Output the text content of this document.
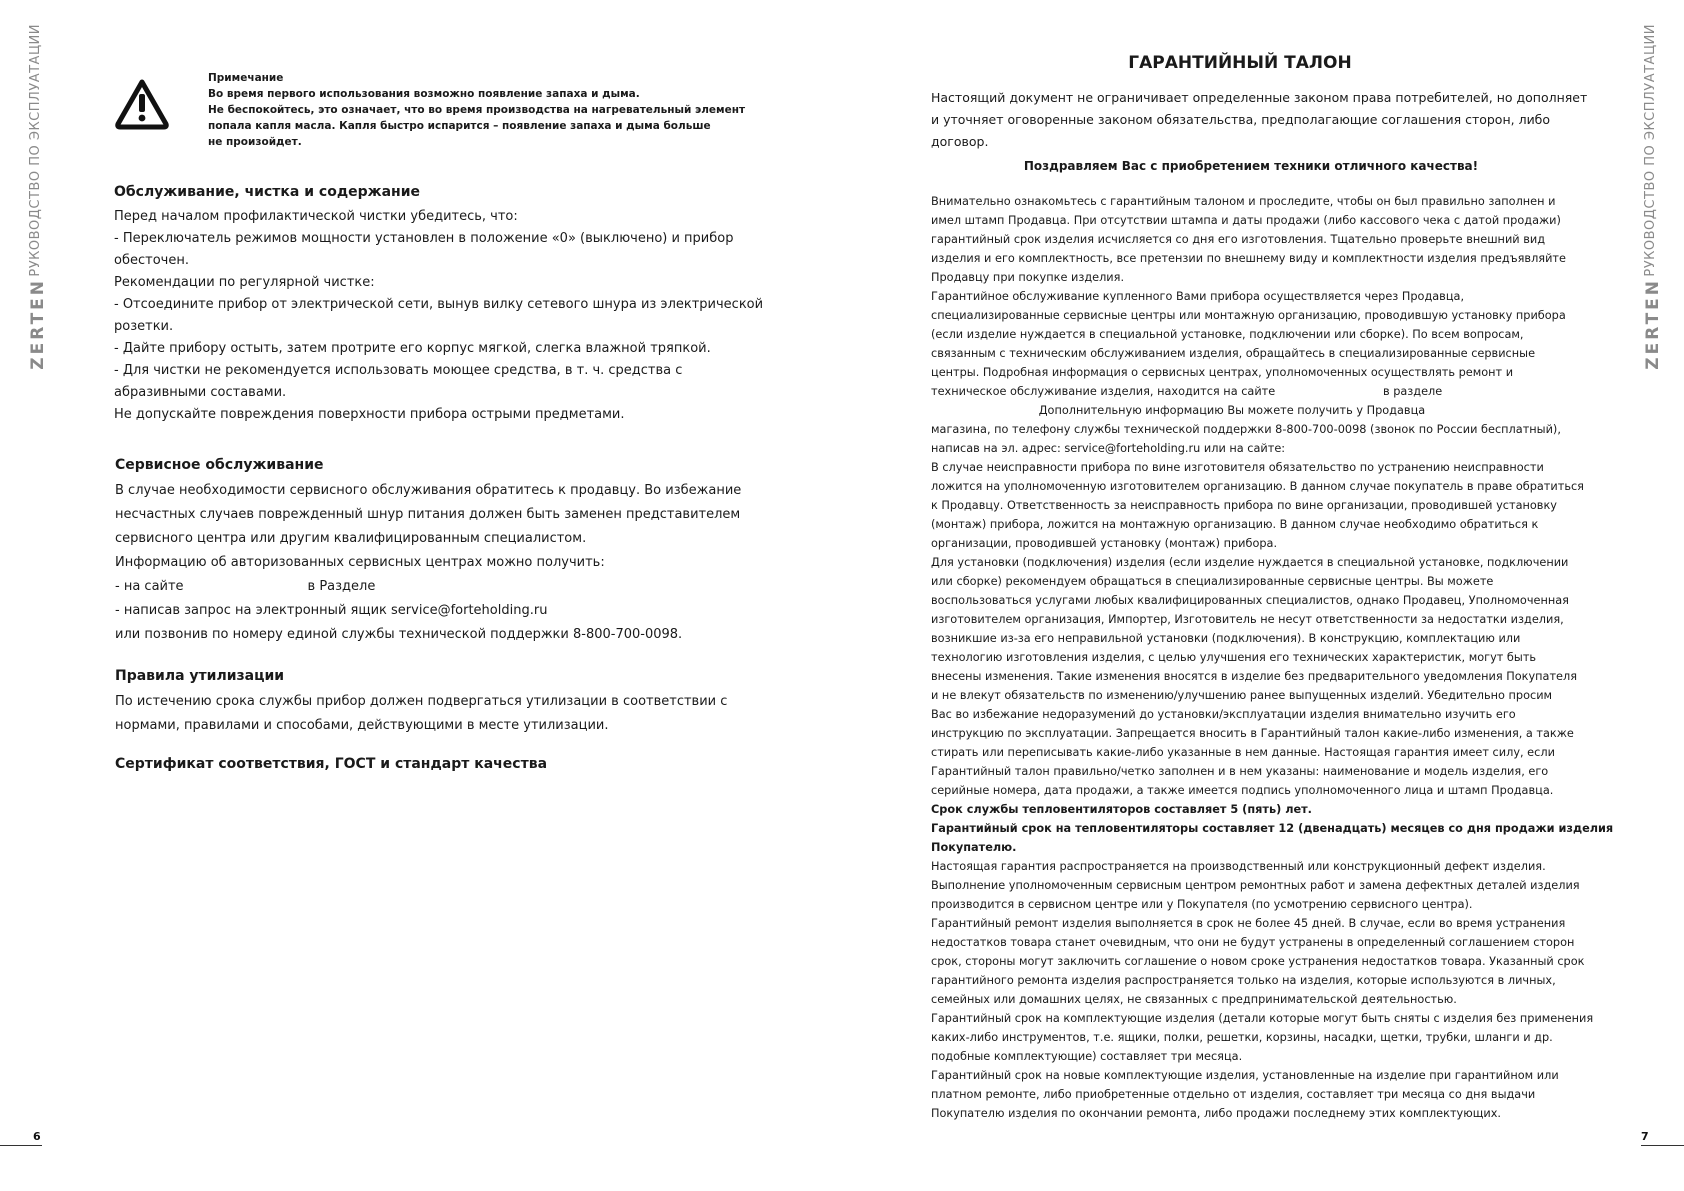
РУКОВОДСТВО ПО ЭКСПЛУАТАЦИИ
ZERTEN
Примечание
Во время первого использования возможно появление запаха и дыма.
Не беспокойтесь, это означает, что во время производства на нагревательный элемент
попала капля масла. Капля быстро испарится – появление запаха и дыма больше
не произойдет.
Обслуживание, чистка и содержание
Перед началом профилактической чистки убедитесь, что:
- Переключатель режимов мощности установлен в положение «0» (выключено) и прибор
обесточен.
Рекомендации по регулярной чистке:
- Отсоедините прибор от электрической сети, вынув вилку сетевого шнура из электрической
розетки.
- Дайте прибору остыть, затем протрите его корпус мягкой, слегка влажной тряпкой.
- Для чистки не рекомендуется использовать моющее средства, в т. ч. средства с
абразивными составами.
Не допускайте повреждения поверхности прибора острыми предметами.
Сервисное обслуживание
В случае необходимости сервисного обслуживания обратитесь к продавцу. Во избежание
несчастных случаев поврежденный шнур питания должен быть заменен представителем
сервисного центра или другим квалифицированным специалистом.
Информацию об авторизованных сервисных центрах можно получить:
- на сайте                              в Разделе
- написав запрос на электронный ящик service@forteholding.ru
или позвонив по номеру единой службы технической поддержки 8-800-700-0098.
Правила утилизации
По истечению срока службы прибор должен подвергаться утилизации в соответствии с
нормами, правилами и способами, действующими в месте утилизации.
Сертификат соответствия, ГОСТ и стандарт качества
6
ГАРАНТИЙНЫЙ ТАЛОН
Настоящий документ не ограничивает определенные законом права потребителей, но дополняет
и уточняет оговоренные законом обязательства, предполагающие соглашения сторон, либо
договор.
Поздравляем Вас с приобретением техники отличного качества!
Внимательно ознакомьтесь с гарантийным талоном и проследите, чтобы он был правильно заполнен и
имел штамп Продавца. При отсутствии штампа и даты продажи (либо кассового чека с датой продажи)
гарантийный срок изделия исчисляется со дня его изготовления. Тщательно проверьте внешний вид
изделия и его комплектность, все претензии по внешнему виду и комплектности изделия предъявляйте
Продавцу при покупке изделия.
Гарантийное обслуживание купленного Вами прибора осуществляется через Продавца,
специализированные сервисные центры или монтажную организацию, проводившую установку прибора
(если изделие нуждается в специальной установке, подключении или сборке). По всем вопросам,
связанным с техническим обслуживанием изделия, обращайтесь в специализированные сервисные
центры. Подробная информация о сервисных центрах, уполномоченных осуществлять ремонт и
техническое обслуживание изделия, находится на сайте                              в разделе
Дополнительную информацию Вы можете получить у Продавца
магазина, по телефону службы технической поддержки 8-800-700-0098 (звонок по России бесплатный),
написав на эл. адрес: service@forteholding.ru или на сайте:
В случае неисправности прибора по вине изготовителя обязательство по устранению неисправности
ложится на уполномоченную изготовителем организацию. В данном случае покупатель в праве обратиться
к Продавцу. Ответственность за неисправность прибора по вине организации, проводившей установку
(монтаж) прибора, ложится на монтажную организацию. В данном случае необходимо обратиться к
организации, проводившей установку (монтаж) прибора.
Для установки (подключения) изделия (если изделие нуждается в специальной установке, подключении
или сборке) рекомендуем обращаться в специализированные сервисные центры. Вы можете
воспользоваться услугами любых квалифицированных специалистов, однако Продавец, Уполномоченная
изготовителем организация, Импортер, Изготовитель не несут ответственности за недостатки изделия,
возникшие из-за его неправильной установки (подключения). В конструкцию, комплектацию или
технологию изготовления изделия, с целью улучшения его технических характеристик, могут быть
внесены изменения. Такие изменения вносятся в изделие без предварительного уведомления Покупателя
и не влекут обязательств по изменению/улучшению ранее выпущенных изделий. Убедительно просим
Вас во избежание недоразумений до установки/эксплуатации изделия внимательно изучить его
инструкцию по эксплуатации. Запрещается вносить в Гарантийный талон какие-либо изменения, а также
стирать или переписывать какие-либо указанные в нем данные. Настоящая гарантия имеет силу, если
Гарантийный талон правильно/четко заполнен и в нем указаны: наименование и модель изделия, его
серийные номера, дата продажи, а также имеется подпись уполномоченного лица и штамп Продавца.
Срок службы тепловентиляторов составляет 5 (пять) лет.
Гарантийный срок на тепловентиляторы составляет 12 (двенадцать) месяцев со дня продажи изделия
Покупателю.
Настоящая гарантия распространяется на производственный или конструкционный дефект изделия.
Выполнение уполномоченным сервисным центром ремонтных работ и замена дефектных деталей изделия
производится в сервисном центре или у Покупателя (по усмотрению сервисного центра).
Гарантийный ремонт изделия выполняется в срок не более 45 дней. В случае, если во время устранения
недостатков товара станет очевидным, что они не будут устранены в определенный соглашением сторон
срок, стороны могут заключить соглашение о новом сроке устранения недостатков товара. Указанный срок
гарантийного ремонта изделия распространяется только на изделия, которые используются в личных,
семейных или домашних целях, не связанных с предпринимательской деятельностью.
Гарантийный срок на комплектующие изделия (детали которые могут быть сняты с изделия без применения
каких-либо инструментов, т.е. ящики, полки, решетки, корзины, насадки, щетки, трубки, шланги и др.
подобные комплектующие) составляет три месяца.
Гарантийный срок на новые комплектующие изделия, установленные на изделие при гарантийном или
платном ремонте, либо приобретенные отдельно от изделия, составляет три месяца со дня выдачи
Покупателю изделия по окончании ремонта, либо продажи последнему этих комплектующих.
РУКОВОДСТВО ПО ЭКСПЛУАТАЦИИ
ZERTEN
7
